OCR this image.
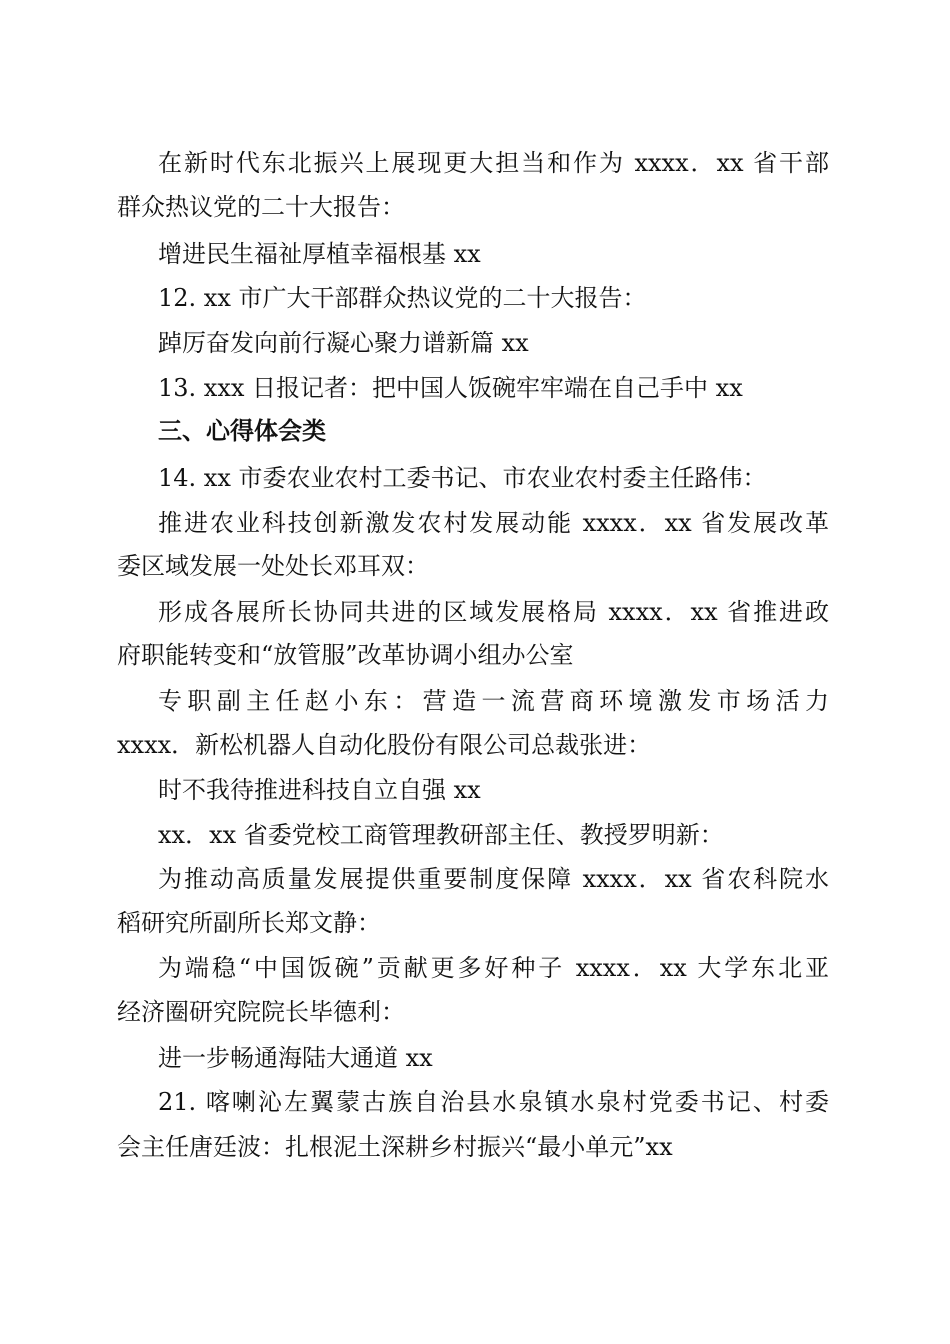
在新时代东北振兴上展现更大担当和作为 xxxx．xx 省干部
群众热议党的二十大报告：
增进民生福祉厚植幸福根基 xx
12. xx 市广大干部群众热议党的二十大报告：
踔厉奋发向前行凝心聚力谱新篇 xx
13. xxx 日报记者：把中国人饭碗牢牢端在自己手中 xx
三、心得体会类
14. xx 市委农业农村工委书记、市农业农村委主任路伟：
推进农业科技创新激发农村发展动能 xxxx．xx 省发展改革
委区域发展一处处长邓耳双：
形成各展所长协同共进的区域发展格局 xxxx．xx 省推进政
府职能转变和“放管服”改革协调小组办公室
专职副主任赵小东：营造一流营商环境激发市场活力
xxxx．新松机器人自动化股份有限公司总裁张进：
时不我待推进科技自立自强 xx
xx．xx 省委党校工商管理教研部主任、教授罗明新：
为推动高质量发展提供重要制度保障 xxxx．xx 省农科院水
稻研究所副所长郑文静：
为端稳“中国饭碗”贡献更多好种子 xxxx．xx 大学东北亚
经济圈研究院院长毕德利：
进一步畅通海陆大通道 xx
21. 喀喇沁左翼蒙古族自治县水泉镇水泉村党委书记、村委
会主任唐廷波：扎根泥土深耕乡村振兴“最小单元”xx
